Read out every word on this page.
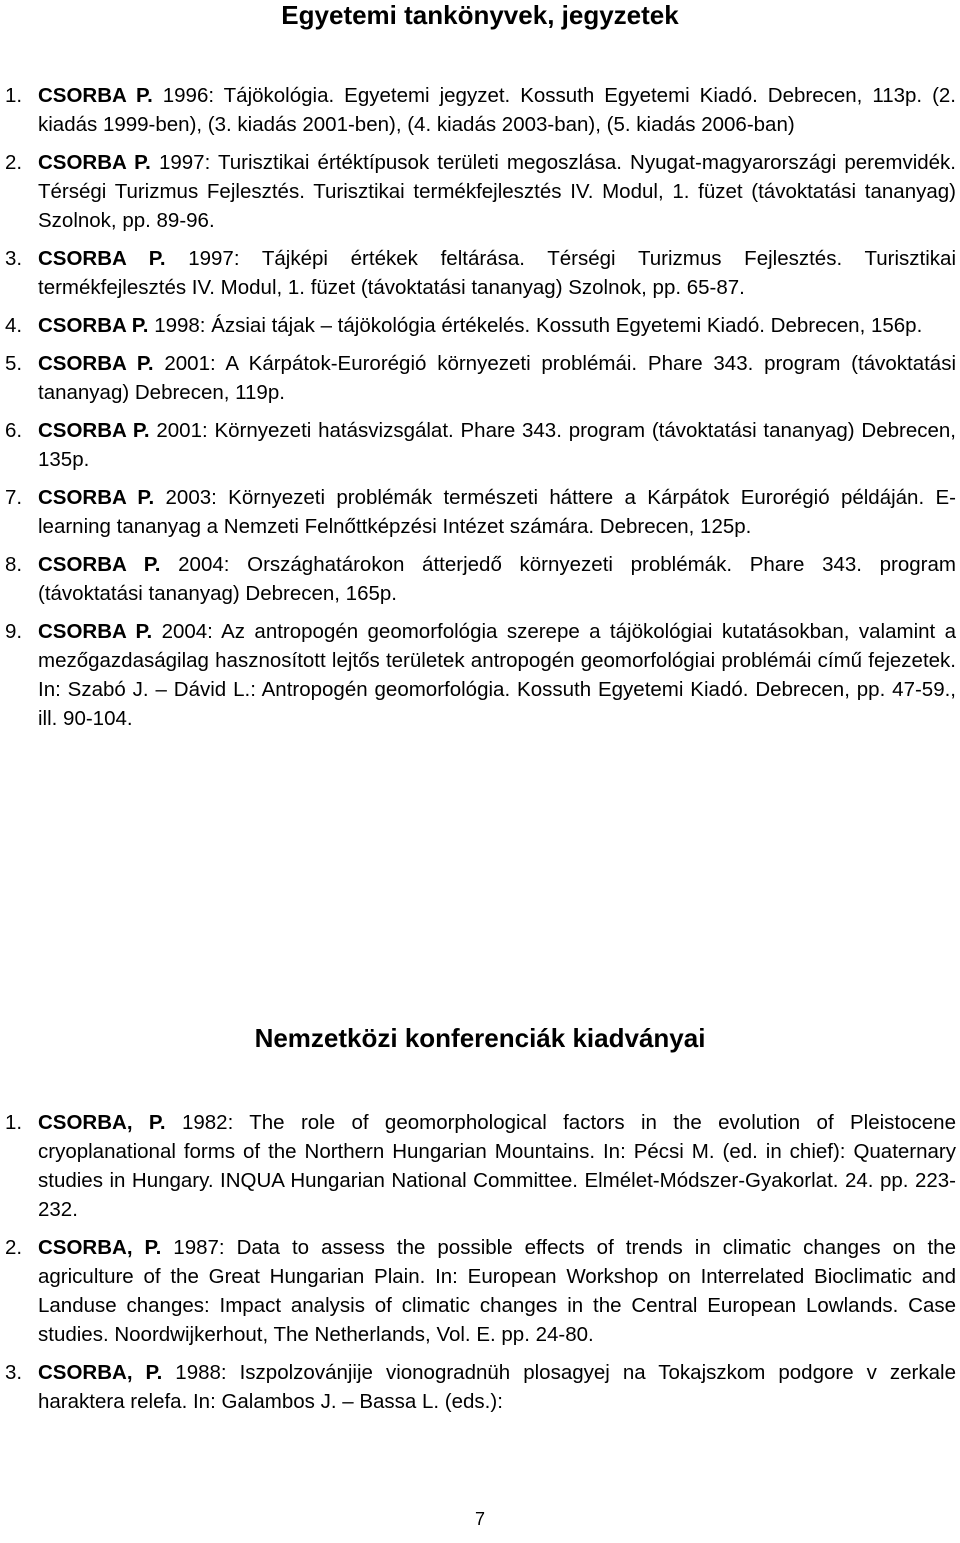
Egyetemi tankönyvek, jegyzetek
1. CSORBA P. 1996: Tájökológia. Egyetemi jegyzet. Kossuth Egyetemi Kiadó. Debrecen, 113p. (2. kiadás 1999-ben), (3. kiadás 2001-ben), (4. kiadás 2003-ban), (5. kiadás 2006-ban)
2. CSORBA P. 1997: Turisztikai értéktípusok területi megoszlása. Nyugat-magyarországi peremvidék. Térségi Turizmus Fejlesztés. Turisztikai termékfejlesztés IV. Modul, 1. füzet (távoktatási tananyag) Szolnok, pp. 89-96.
3. CSORBA P. 1997: Tájképi értékek feltárása. Térségi Turizmus Fejlesztés. Turisztikai termékfejlesztés IV. Modul, 1. füzet (távoktatási tananyag) Szolnok, pp. 65-87.
4. CSORBA P. 1998: Ázsiai tájak – tájökológia értékelés. Kossuth Egyetemi Kiadó. Debrecen, 156p.
5. CSORBA P. 2001: A Kárpátok-Eurorégió környezeti problémái. Phare 343. program (távoktatási tananyag) Debrecen, 119p.
6. CSORBA P. 2001: Környezeti hatásvizsgálat. Phare 343. program (távoktatási tananyag) Debrecen, 135p.
7. CSORBA P. 2003: Környezeti problémák természeti háttere a Kárpátok Eurorégió példáján. E-learning tananyag a Nemzeti Felnőttképzési Intézet számára. Debrecen, 125p.
8. CSORBA P. 2004: Országhatárokon átterjedő környezeti problémák. Phare 343. program (távoktatási tananyag) Debrecen, 165p.
9. CSORBA P. 2004: Az antropogén geomorfológia szerepe a tájökológiai kutatásokban, valamint a mezőgazdaságilag hasznosított lejtős területek antropogén geomorfológiai problémái című fejezetek. In: Szabó J. – Dávid L.: Antropogén geomorfológia. Kossuth Egyetemi Kiadó. Debrecen, pp. 47-59., ill. 90-104.
Nemzetközi konferenciák kiadványai
1. CSORBA, P. 1982: The role of geomorphological factors in the evolution of Pleistocene cryoplanational forms of the Northern Hungarian Mountains. In: Pécsi M. (ed. in chief): Quaternary studies in Hungary. INQUA Hungarian National Committee. Elmélet-Módszer-Gyakorlat. 24. pp. 223-232.
2. CSORBA, P. 1987: Data to assess the possible effects of trends in climatic changes on the agriculture of the Great Hungarian Plain. In: European Workshop on Interrelated Bioclimatic and Landuse changes: Impact analysis of climatic changes in the Central European Lowlands. Case studies. Noordwijkerhout, The Netherlands, Vol. E. pp. 24-80.
3. CSORBA, P. 1988: Iszpolzovánjije vionogradnüh plosagyej na Tokajszkom podgore v zerkale harakterа relefa. In: Galambos J. – Bassa L. (eds.):
7
